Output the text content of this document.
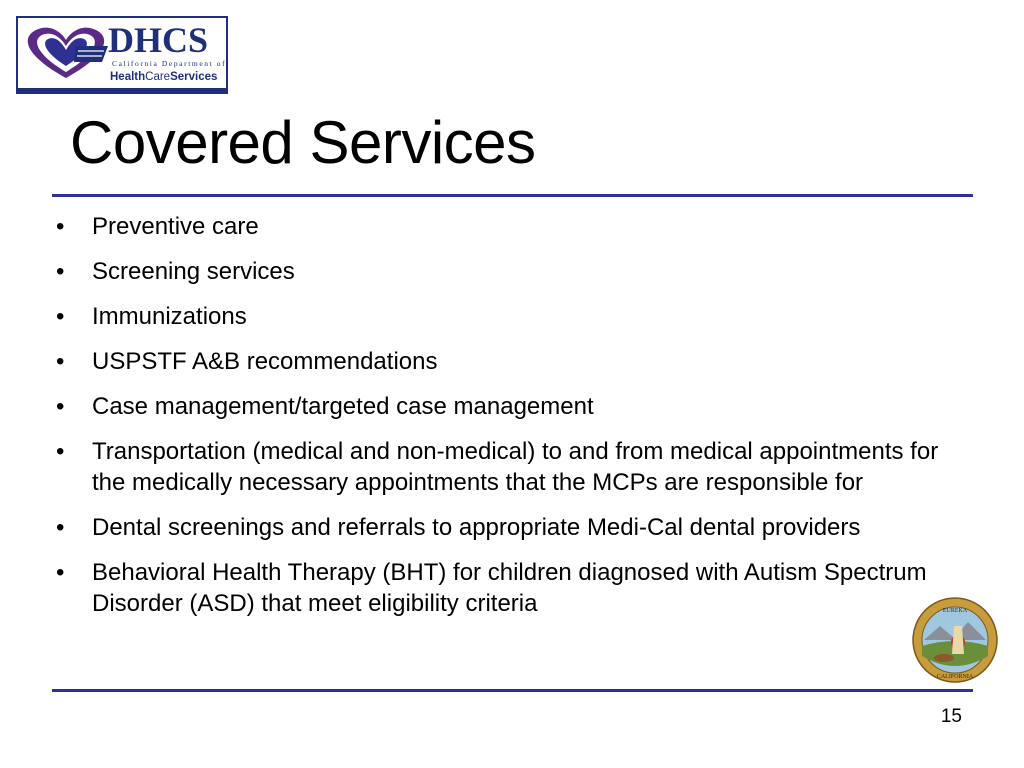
DHCS
California Department of
HealthCareServices
Covered Services
• Preventive care
• Screening services
• Immunizations
• USPSTF A&B recommendations
• Case management/targeted case management
• Transportation (medical and non-medical) to and from medical appointments for the medically necessary appointments that the MCPs are responsible for
• Dental screenings and referrals to appropriate Medi-Cal dental providers
• Behavioral Health Therapy (BHT) for children diagnosed with Autism Spectrum Disorder (ASD) that meet eligibility criteria	EUREKA
CALIFORNIA
15
